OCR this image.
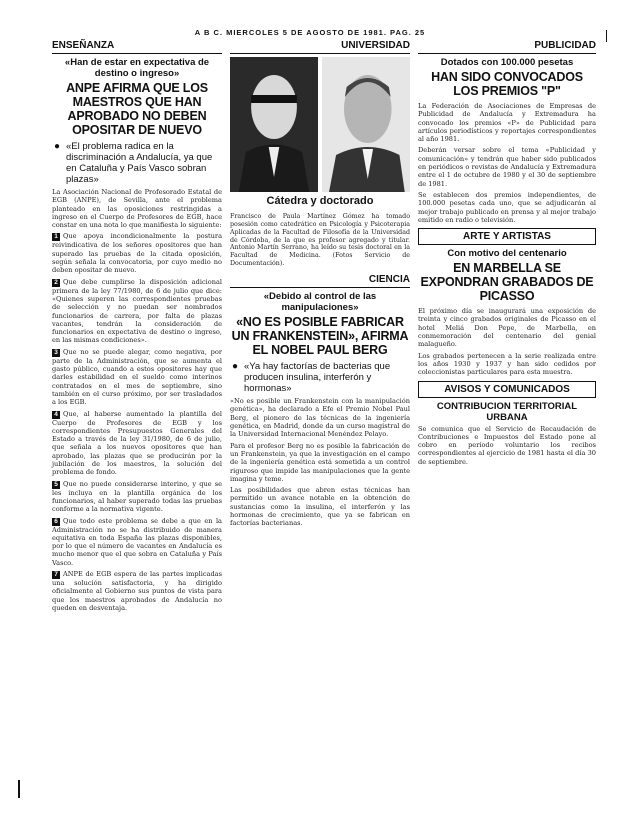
A B C. MIERCOLES 5 DE AGOSTO DE 1981. PAG. 25
ENSEÑANZA
«Han de estar en expectativa de destino o ingreso»
ANPE AFIRMA QUE LOS MAESTROS QUE HAN APROBADO NO DEBEN OPOSITAR DE NUEVO
● «El problema radica en la discriminación a Andalucía, ya que en Cataluña y País Vasco sobran plazas»

La Asociación Nacional de Profesorado Estatal de EGB (ANPE), de Sevilla, ante el problema planteado en las oposiciones restringidas a ingreso en el Cuerpo de Profesores de EGB, hace constar en una nota lo que manifiesta lo siguiente:

1 Que apoya incondicionalmente la postura reivindicativa de los señores opositores que han superado las pruebas de la citada oposición, según señala la convocatoria, por cuyo medio no deben opositar de nuevo.

2 Que debe cumplirse la disposición adicional primera de la ley 77/1980, de 6 de julio que dice: «Quienes superen las correspondientes pruebas de selección y no puedan ser nombrados funcionarios de carrera, por falta de plazas vacantes, tendrán la consideración de funcionarios en expectativa de destino o ingreso, en las mismas condiciones».

3 Que no se puede alegar, como negativa, por parte de la Administración, que se aumenta el gasto público, cuando a estos opositores hay que darles estabilidad en el sueldo como interinos contratados en el mes de septiembre, sino también en el curso próximo, por ser trasladados a los EGB.

4 Que, al haberse aumentado la plantilla del Cuerpo de Profesores de EGB y los correspondientes Presupuestos Generales del Estado a través de la ley 31/1980, de 6 de julio, que señala a los nuevos opositores que han aprobado, las plazas que se producirán por la jubilación de los maestros, la solución del problema de fondo.

5 Que no puede considerarse interino, y que se les incluya en la plantilla orgánica de los funcionarios, al haber superado todas las pruebas conforme a la normativa vigente.

6 Que todo este problema se debe a que en la Administración no se ha distribuido de manera equitativa en toda España las plazas disponibles, por lo que el número de vacantes en Andalucía es mucho menor que el que sobra en Cataluña y País Vasco.

7 ANPE de EGB espera de las partes implicadas una solución satisfactoria, y ha dirigido oficialmente al Gobierno sus puntos de vista para que los maestros aprobados de Andalucía no queden en desventaja.

UNIVERSIDAD
Cátedra y doctorado

Francisco de Paula Martínez Gómez ha tomado posesión como catedrático en Psicología y Psicoterapia Aplicadas de la Facultad de Filosofía de la Universidad de Córdoba, de la que es profesor agregado y titular. Antonio Martín Serrano, ha leído su tesis doctoral en la Facultad de Medicina. (Fotos Servicio de Documentación).

CIENCIA
«Debido al control de las manipulaciones»
«NO ES POSIBLE FABRICAR UN FRANKENSTEIN», AFIRMA EL NOBEL PAUL BERG
● «Ya hay factorías de bacterias que producen insulina, interferón y hormonas»

«No es posible un Frankenstein con la manipulación genética», ha declarado a Efe el Premio Nobel Paul Berg, el pionero de las técnicas de la ingeniería genética, en Madrid, donde da un curso magistral de la Universidad Internacional Menéndez Pelayo.

Para el profesor Berg no es posible la fabricación de un Frankenstein, ya que la investigación en el campo de la ingeniería genética está sometida a un control riguroso que impide las manipulaciones que la gente imagina y teme.

Las posibilidades que abren estas técnicas han permitido un avance notable en la obtención de sustancias como la insulina, el interferón y las hormonas de crecimiento, que ya se fabrican en factorías bacterianas.

PUBLICIDAD
Dotados con 100.000 pesetas
HAN SIDO CONVOCADOS LOS PREMIOS "P"

La Federación de Asociaciones de Empresas de Publicidad de Andalucía y Extremadura ha convocado los premios «P» de Publicidad para artículos periodísticos y reportajes correspondientes al año 1981.

Deberán versar sobre el tema «Publicidad y comunicación» y tendrán que haber sido publicados en periódicos o revistas de Andalucía y Extremadura entre el 1 de octubre de 1980 y el 30 de septiembre de 1981.

Se establecen dos premios independientes, de 100.000 pesetas cada uno, que se adjudicarán al mejor trabajo publicado en prensa y al mejor trabajo emitido en radio o televisión.

ARTE Y ARTISTAS
Con motivo del centenario
EN MARBELLA SE EXPONDRAN GRABADOS DE PICASSO

El próximo día se inaugurará una exposición de treinta y cinco grabados originales de Picasso en el hotel Meliá Don Pepe, de Marbella, en conmemoración del centenario del genial malagueño.

Los grabados pertenecen a la serie realizada entre los años 1930 y 1937 y han sido cedidos por coleccionistas particulares para esta muestra.

AVISOS Y COMUNICADOS
CONTRIBUCION TERRITORIAL URBANA

Se comunica que el Servicio de Recaudación de Contribuciones e Impuestos del Estado pone al cobro en período voluntario los recibos correspondientes al ejercicio de 1981 hasta el día 30 de septiembre.
